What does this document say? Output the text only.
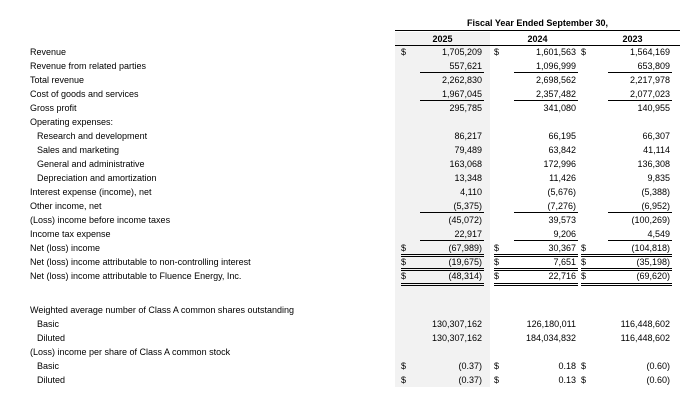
Fiscal Year Ended September 30,
2025	2024	2023
Revenue	$	1,705,209 $	1,601,563 $	1,564,169
Revenue from related parties	557,621	1,096,999	653,809
Total revenue	2,262,830	2,698,562	2,217,978
Cost of goods and services	1,967,045	2,357,482	2,077,023
Gross profit	295,785	341,080	140,955
Operating expenses:
Research and development	86,217	66,195	66,307
Sales and marketing	79,489	63,842	41,114
General and administrative	163,068	172,996	136,308
Depreciation and amortization	13,348	11,426	9,835
Interest expense (income), net	4,110	(5,676)	(5,388)
Other income, net	(5,375)	(7,276)	(6,952)
(Loss) income before income taxes	(45,072)	39,573	(100,269)
Income tax expense	22,917	9,206	4,549
Net (loss) income	$	(67,989) $	30,367 $	(104,818)
Net (loss) income attributable to non-controlling interest	$	(19,675) $	7,651 $	(35,198)
Net (loss) income attributable to Fluence Energy, Inc.	$	(48,314) $	22,716 $	(69,620)
Weighted average number of Class A common shares outstanding
Basic	130,307,162	126,180,011	116,448,602
Diluted	130,307,162	184,034,832	116,448,602
(Loss) income per share of Class A common stock
Basic	$	(0.37) $	0.18 $	(0.60)
Diluted	$	(0.37) $	0.13 $	(0.60)
